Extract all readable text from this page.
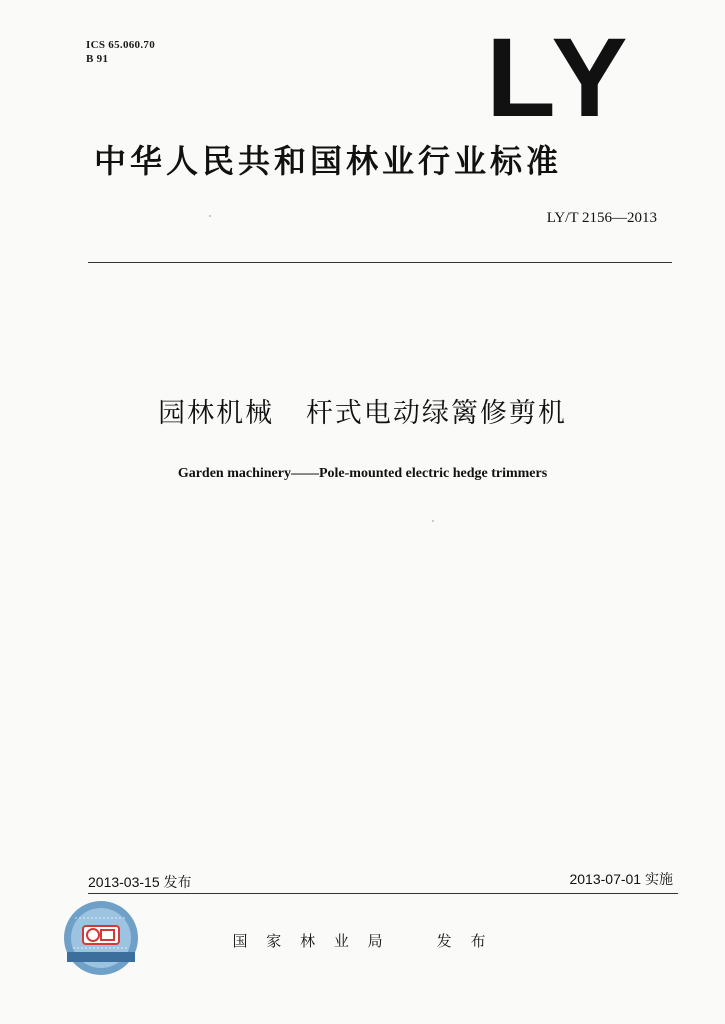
ICS 65.060.70
B 91	LY
中华人民共和国林业行业标准
LY/T 2156—2013
园林机械   杆式电动绿篱修剪机
Garden machinery——Pole-mounted electric hedge trimmers
2013-03-15 发布	2013-07-01 实施
国 家 林 业 局    发 布
